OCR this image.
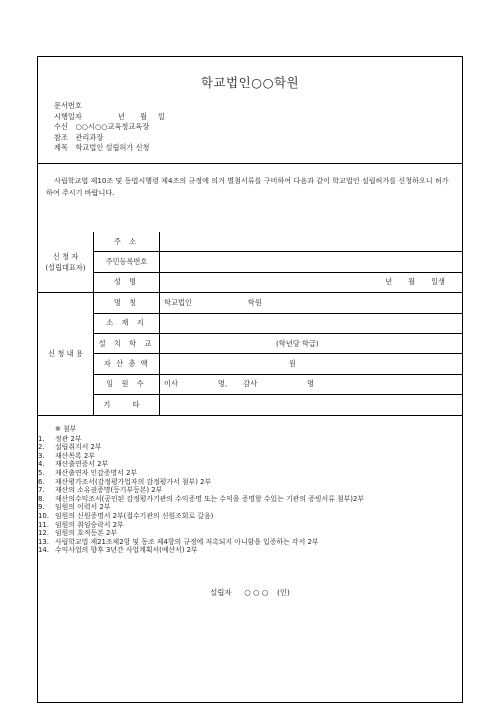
학교법인○○학원
문서번호
시행일자	년 월 일
수신 ○○시○○교육청교육장
참조 관리과장
제목 학교법인 설립허가 신청
사립학교법 제10조 및 동법시행령 제4조의 규정에 의거 별첨서류를 구비하여 다음과 같이 학교법인 설립허가를 신청하오니 허가하여 주시기 바랍니다.
신 청 자
(설립대표자)	주 소	
	주민등록번호	
	성 명	년 월 일생
신 청 내 용	명 칭	학교법인 학원
	소 재 지	
	설 치 학 교	(학년당 학급)
	자 산 총 액	원
	임 원 수	이사 명, 감사 명
	기 타	
※ 첨부
1. 정관 2부
2. 설립취지서 2부
3. 재산목록 2부
4. 재산출연증서 2부
5. 재산출연자 인감증명서 2부
6. 재산평가조서(감정평가업자의 감정평가서 첨부) 2부
7. 재산의 소유권증명(등기부등본) 2부
8. 재산의수익조서(공인된 감정평가기관의 수익증명 또는 수익을 증명할 수있는 기관의 증빙서류 첨부)2부
9. 임원의 이력서 2부
10. 임원의 신원증명서 2부(접수기관의 신원조회로 갈음)
11. 임원의 취임승락서 2부
12. 임원의 호적등본 2부
13. 사립학교법 제21조제2항 및 동조 제4항의 규정에 저촉되지 아니함을 입증하는 각서 2부
14. 수익사업의 향후 3년간 사업계획서(예산서) 2부
설립자 ○ ○ ○ (인)
